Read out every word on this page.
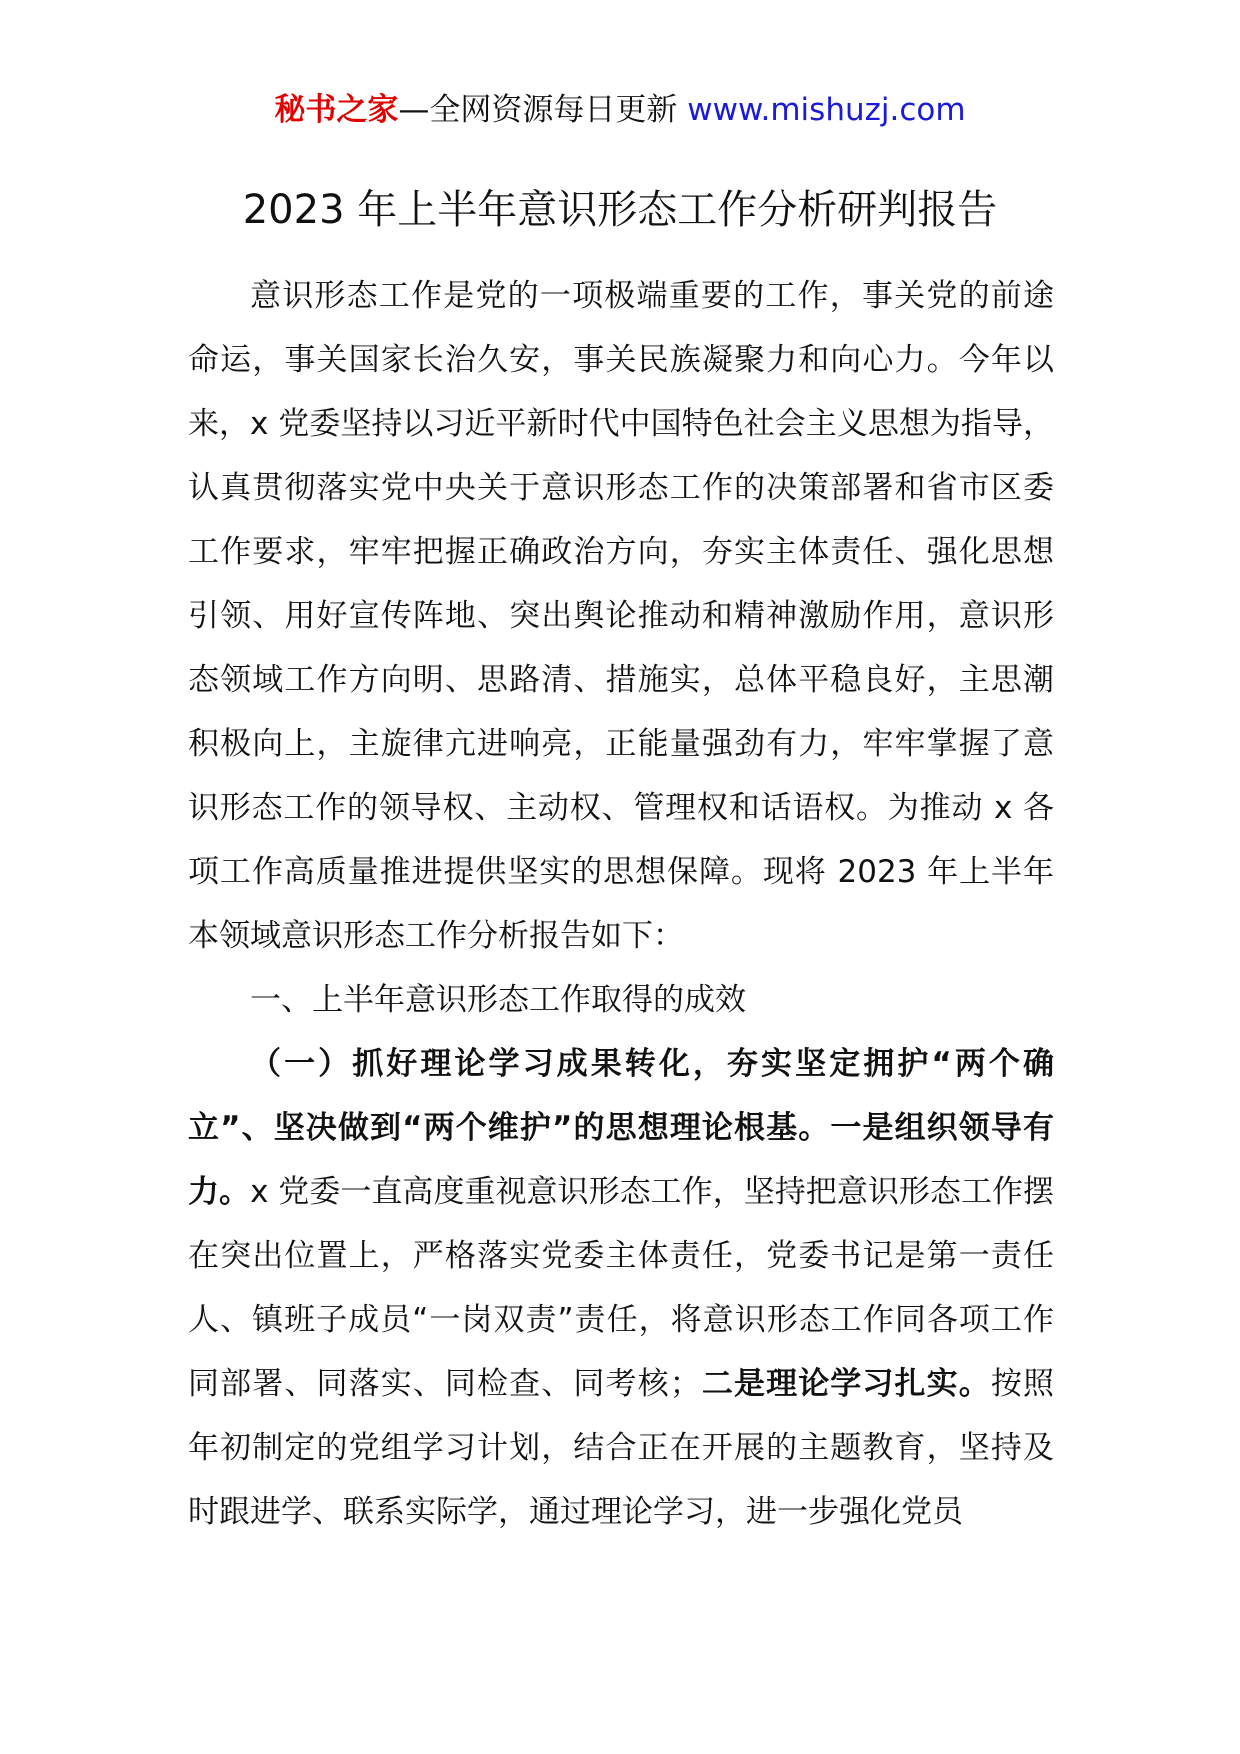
秘书之家—全网资源每日更新 www.mishuzj.com
2023 年上半年意识形态工作分析研判报告

意识形态工作是党的一项极端重要的工作，事关党的前途命运，事关国家长治久安，事关民族凝聚力和向心力。今年以来，x 党委坚持以习近平新时代中国特色社会主义思想为指导，认真贯彻落实党中央关于意识形态工作的决策部署和省市区委工作要求，牢牢把握正确政治方向，夯实主体责任、强化思想引领、用好宣传阵地、突出舆论推动和精神激励作用，意识形态领域工作方向明、思路清、措施实，总体平稳良好，主思潮积极向上，主旋律亢进响亮，正能量强劲有力，牢牢掌握了意识形态工作的领导权、主动权、管理权和话语权。为推动 x 各项工作高质量推进提供坚实的思想保障。现将 2023 年上半年本领域意识形态工作分析报告如下：

一、上半年意识形态工作取得的成效

（一）抓好理论学习成果转化，夯实坚定拥护“两个确立”、坚决做到“两个维护”的思想理论根基。一是组织领导有力。x 党委一直高度重视意识形态工作，坚持把意识形态工作摆在突出位置上，严格落实党委主体责任，党委书记是第一责任人、镇班子成员“一岗双责”责任，将意识形态工作同各项工作同部署、同落实、同检查、同考核；二是理论学习扎实。按照年初制定的党组学习计划，结合正在开展的主题教育，坚持及时跟进学、联系实际学，通过理论学习，进一步强化党员
